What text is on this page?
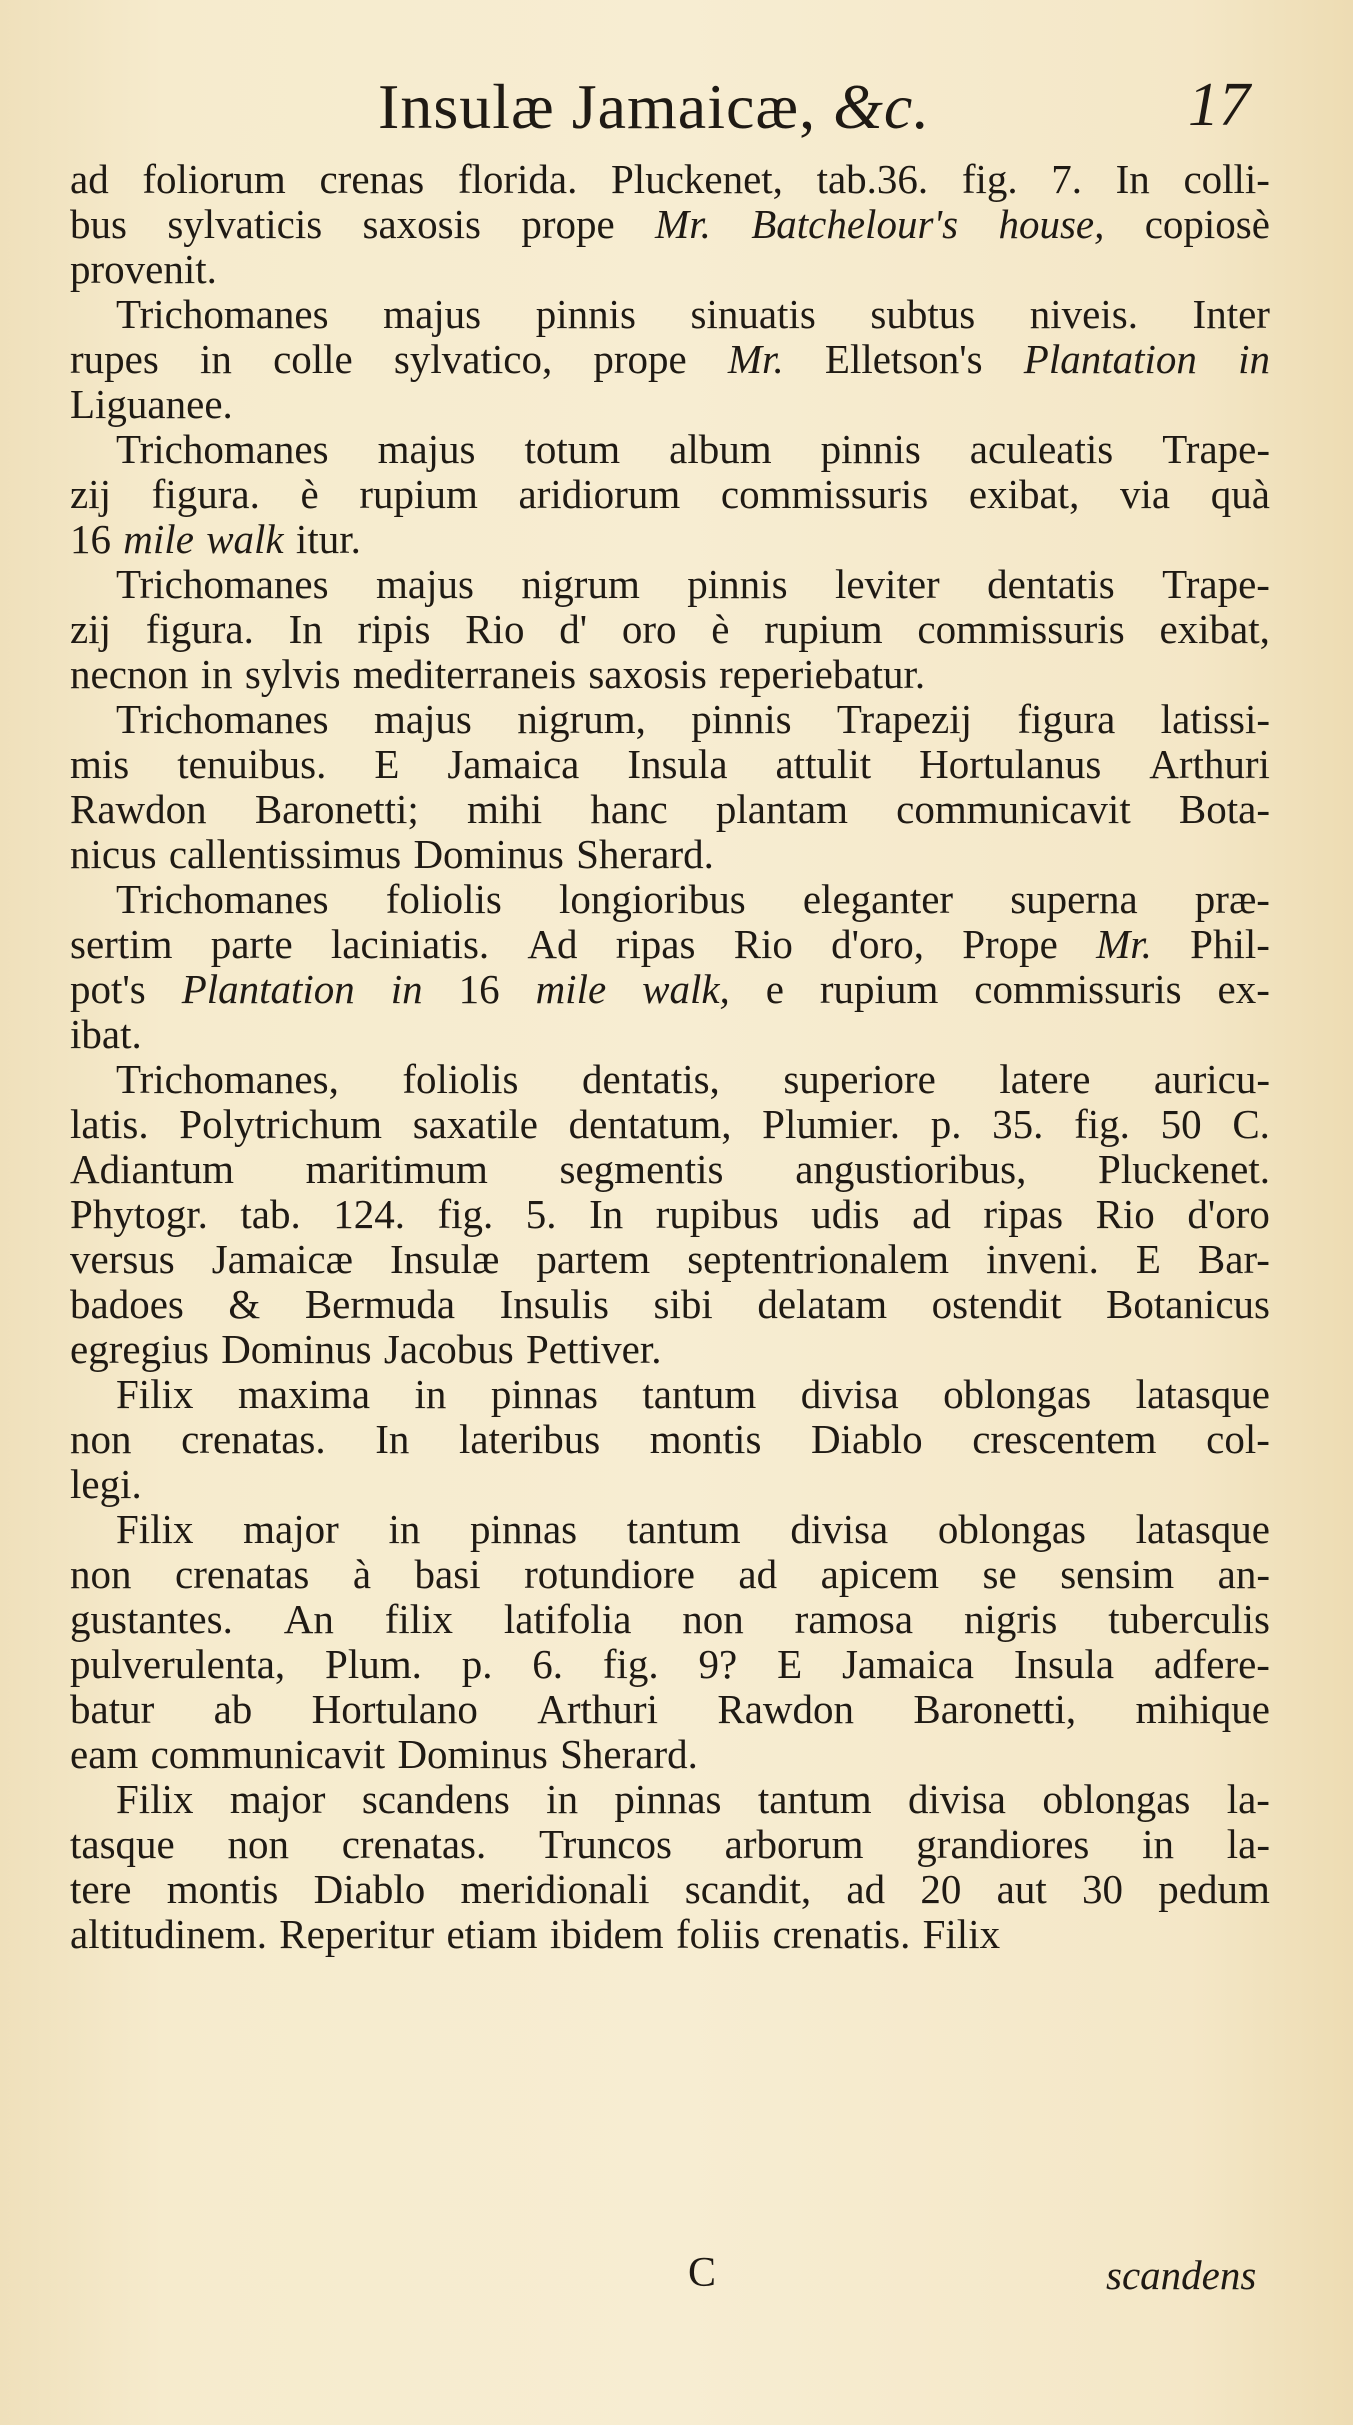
Insulæ Jamaicæ, &c.	17
ad foliorum crenas florida. Pluckenet, tab.36. fig. 7. In colli-
bus sylvaticis saxosis prope Mr. Batchelour's house, copiosè
provenit.
Trichomanes majus pinnis sinuatis subtus niveis. Inter
rupes in colle sylvatico, prope Mr. Elletson's Plantation in
Liguanee.
Trichomanes majus totum album pinnis aculeatis Trape-
zij figura. è rupium aridiorum commissuris exibat, via quà
16 mile walk itur.
Trichomanes majus nigrum pinnis leviter dentatis Trape-
zij figura. In ripis Rio d' oro è rupium commissuris exibat,
necnon in sylvis mediterraneis saxosis reperiebatur.
Trichomanes majus nigrum, pinnis Trapezij figura latissi-
mis tenuibus. E Jamaica Insula attulit Hortulanus Arthuri
Rawdon Baronetti; mihi hanc plantam communicavit Bota-
nicus callentissimus Dominus Sherard.
Trichomanes foliolis longioribus eleganter superna præ-
sertim parte laciniatis. Ad ripas Rio d'oro, Prope Mr. Phil-
pot's Plantation in 16 mile walk, e rupium commissuris ex-
ibat.
Trichomanes, foliolis dentatis, superiore latere auricu-
latis. Polytrichum saxatile dentatum, Plumier. p. 35. fig. 50 C.
Adiantum maritimum segmentis angustioribus, Pluckenet.
Phytogr. tab. 124. fig. 5. In rupibus udis ad ripas Rio d'oro
versus Jamaicæ Insulæ partem septentrionalem inveni. E Bar-
badoes & Bermuda Insulis sibi delatam ostendit Botanicus
egregius Dominus Jacobus Pettiver.
Filix maxima in pinnas tantum divisa oblongas latasque
non crenatas. In lateribus montis Diablo crescentem col-
legi.
Filix major in pinnas tantum divisa oblongas latasque
non crenatas à basi rotundiore ad apicem se sensim an-
gustantes. An filix latifolia non ramosa nigris tuberculis
pulverulenta, Plum. p. 6. fig. 9? E Jamaica Insula adfere-
batur ab Hortulano Arthuri Rawdon Baronetti, mihique
eam communicavit Dominus Sherard.
Filix major scandens in pinnas tantum divisa oblongas la-
tasque non crenatas. Truncos arborum grandiores in la-
tere montis Diablo meridionali scandit, ad 20 aut 30 pedum
altitudinem. Reperitur etiam ibidem foliis crenatis. Filix
C	scandens
